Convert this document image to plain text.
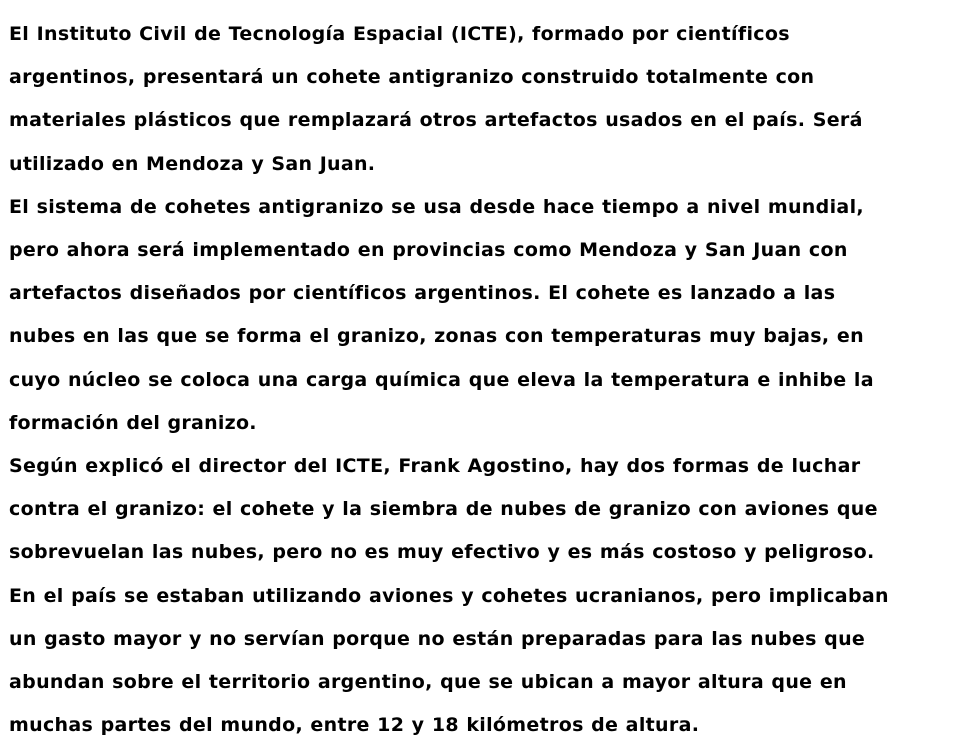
El Instituto Civil de Tecnología Espacial (ICTE), formado por científicos
argentinos, presentará un cohete antigranizo construido totalmente con
materiales plásticos que remplazará otros artefactos usados en el país. Será
utilizado en Mendoza y San Juan.
El sistema de cohetes antigranizo se usa desde hace tiempo a nivel mundial,
pero ahora será implementado en provincias como Mendoza y San Juan con
artefactos diseñados por científicos argentinos. El cohete es lanzado a las
nubes en las que se forma el granizo, zonas con temperaturas muy bajas, en
cuyo núcleo se coloca una carga química que eleva la temperatura e inhibe la
formación del granizo.
Según explicó el director del ICTE, Frank Agostino, hay dos formas de luchar
contra el granizo: el cohete y la siembra de nubes de granizo con aviones que
sobrevuelan las nubes, pero no es muy efectivo y es más costoso y peligroso.
En el país se estaban utilizando aviones y cohetes ucranianos, pero implicaban
un gasto mayor y no servían porque no están preparadas para las nubes que
abundan sobre el territorio argentino, que se ubican a mayor altura que en
muchas partes del mundo, entre 12 y 18 kilómetros de altura.
